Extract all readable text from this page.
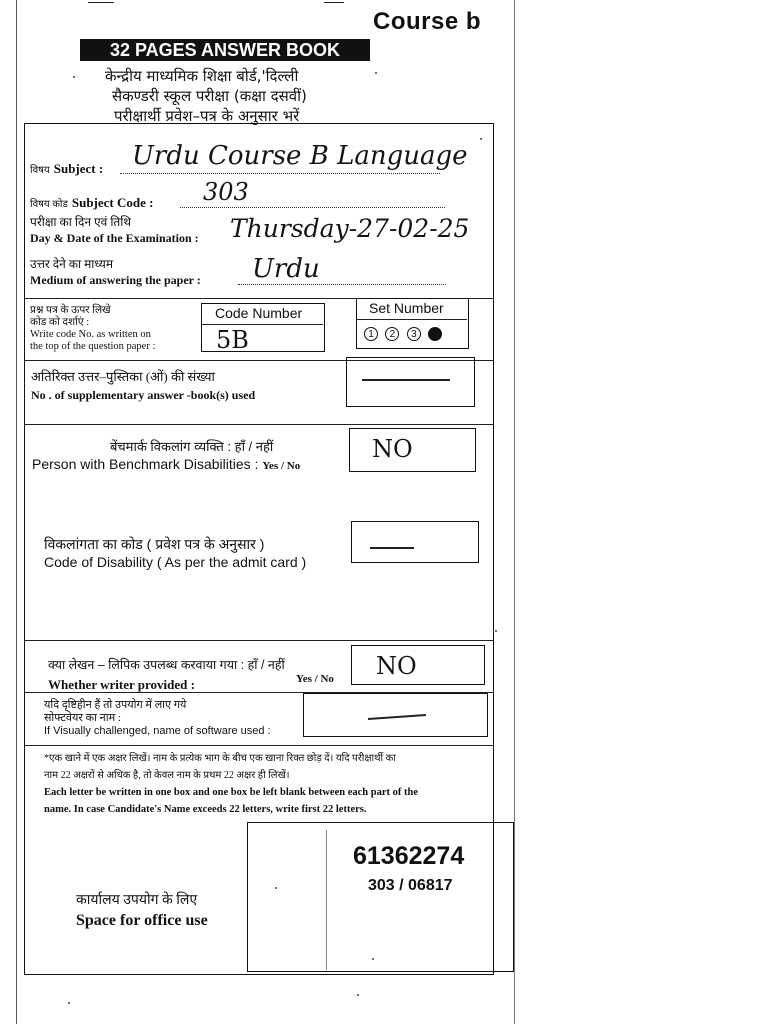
Course b
32 PAGES ANSWER BOOK
केन्द्रीय माध्यमिक शिक्षा बोर्ड,'दिल्ली
सैकण्डरी स्कूल परीक्षा (कक्षा दसवीं)
परीक्षार्थी प्रवेश–पत्र के अनुसार भरें
विषय Subject : Urdu Course B Language
विषय कोड Subject Code : 303
परीक्षा का दिन एवं तिथि
Day & Date of the Examination : Thursday-27-02-25
उत्तर देने का माध्यम
Medium of answering the paper : Urdu
प्रश्न पत्र के ऊपर लिखे
कोड को दर्शाएं :
Write code No. as written on
the top of the question paper :
Code Number
5B
Set Number
1 2 3 4
अतिरिक्त उत्तर–पुस्तिका (ओं) की संख्या
No . of supplementary answer -book(s) used
बेंचमार्क विकलांग व्यक्ति : हाँ / नहीं
Person with Benchmark Disabilities : Yes / No
NO
विकलांगता का कोड ( प्रवेश पत्र के अनुसार )
Code of Disability ( As per the admit card )
क्या लेखन – लिपिक उपलब्ध करवाया गया : हाँ / नहीं
Whether writer provided :	Yes / No NO
यदि दृष्टिहीन हैं तो उपयोग में लाए गये
सोफ्टवेयर का नाम :
If Visually challenged, name of software used :
*एक खाने में एक अक्षर लिखें। नाम के प्रत्येक भाग के बीच एक खाना रिक्त छोड़ दें। यदि परीक्षार्थी का
नाम 22 अक्षरों से अधिक है, तो केवल नाम के प्रथम 22 अक्षर ही लिखें।
Each letter be written in one box and one box be left blank between each part of the
name. In case Candidate's Name exceeds 22 letters, write first 22 letters.
कार्यालय उपयोग के लिए
Space for office use
61362274
303 / 06817
